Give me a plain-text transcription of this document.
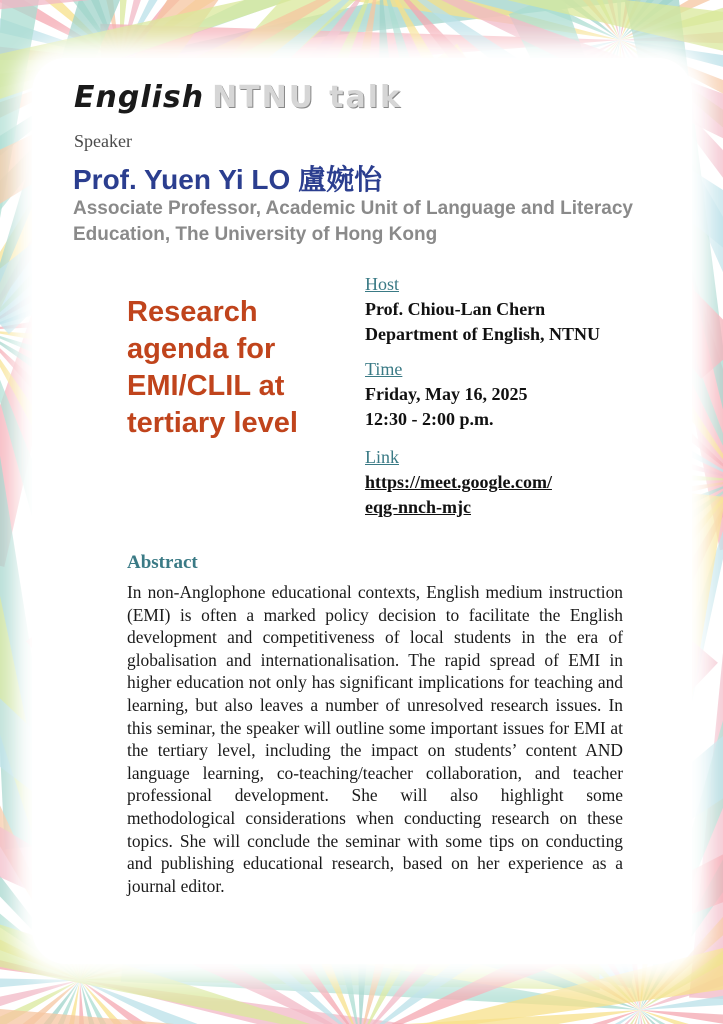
English NTNU talk
Speaker
Prof. Yuen Yi LO 盧婉怡
Associate Professor, Academic Unit of Language and Literacy Education, The University of Hong Kong
Research agenda for EMI/CLIL at tertiary level
Host
Prof. Chiou-Lan Chern
Department of English, NTNU
Time
Friday, May 16, 2025
12:30 - 2:00 p.m.
Link
https://meet.google.com/
eqg-nnch-mjc
Abstract
In non-Anglophone educational contexts, English medium instruction (EMI) is often a marked policy decision to facilitate the English development and competitiveness of local students in the era of globalisation and internationalisation. The rapid spread of EMI in higher education not only has significant implications for teaching and learning, but also leaves a number of unresolved research issues. In this seminar, the speaker will outline some important issues for EMI at the tertiary level, including the impact on students’ content AND language learning, co-teaching/teacher collaboration, and teacher professional development. She will also highlight some methodological considerations when conducting research on these topics. She will conclude the seminar with some tips on conducting and publishing educational research, based on her experience as a journal editor.
